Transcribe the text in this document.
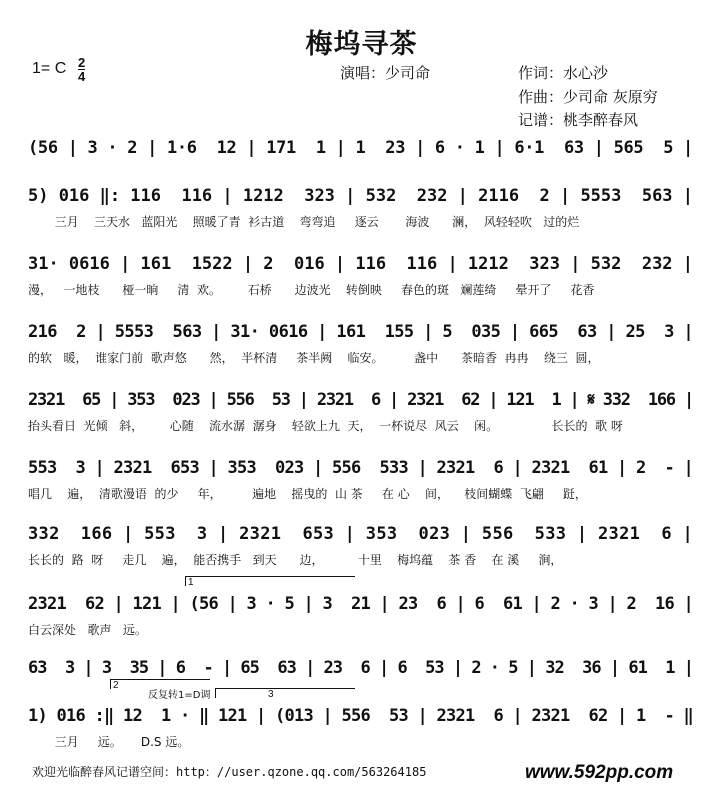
梅坞寻茶
1= C 2
4	演唱：少司命	作词：水心沙
作曲：少司命 灰原穷
记谱：桃李醉春风
(56 | 3 · 2 | 1·6  12 | 171  1 | 1  23 | 6 · 1 | 6·1  63 | 565  5 |
5) 016 ‖: 116  116 | 1212  323 | 532  232 | 2116  2 | 5553  563 |
三月    三天水   蓝阳光    照暖了青  衫古道    弯弯追     逐云       海波      澜，  风轻轻吹   过的烂
31· 0616 | 161  1522 | 2  016 | 116  116 | 1212  323 | 532  232 |
漫，   一地枝      桠一晌     清  欢。       石桥      边波光    转倒映     春色的斑   斓莲绮     晕开了     花香
216  2 | 5553  563 | 31· 0616 | 161  155 | 5  035 | 665  63 | 25  3 |
的软   暖，  谁家门前  歌声悠      然，  半杯清     茶半阙    临安。        盏中      茶暗香  冉冉    绕三  圆，
2321  65 | 353  023 | 556  53 | 2321  6 | 2321  62 | 121  1 | 𝄋 332  166 |
抬头看日  光倾   斜，       心随    流水潺  潺身    轻欲上九  天，  一杯说尽  风云    闲。              长长的  歌 呀
553  3 | 2321  653 | 353  023 | 556  533 | 2321  6 | 2321  61 | 2  - |
唱几    遍，  清歌漫语  的少     年，        遍地    摇曳的  山 茶     在 心    间，    枝间蝴蝶  飞翩     跹，
332  166 | 553  3 | 2321  653 | 353  023 | 556  533 | 2321  6 |
长长的  路  呀     走几    遍，  能否携手   到天      边，         十里    梅坞蕴    茶 香    在 溪     涧，
2321  62 | 121 | (56 | 3 · 5 | 3  21 | 23  6 | 6  61 | 2 · 3 | 2  16 |
白云深处   歌声   远。
63  3 | 3  35 | 6  - | 65  63 | 23  6 | 6  53 | 2 · 5 | 32  36 | 61  1 |
1) 016 :‖ 12  1 · ‖ 121 | (013 | 556  53 | 2321  6 | 2321  62 | 1  - ‖
三月     远。     D.S 远。
1
2
反复转1=D调	3
欢迎光临醉春风记谱空间：http：//user.qzone.qq.com/563264185	www.592pp.com
